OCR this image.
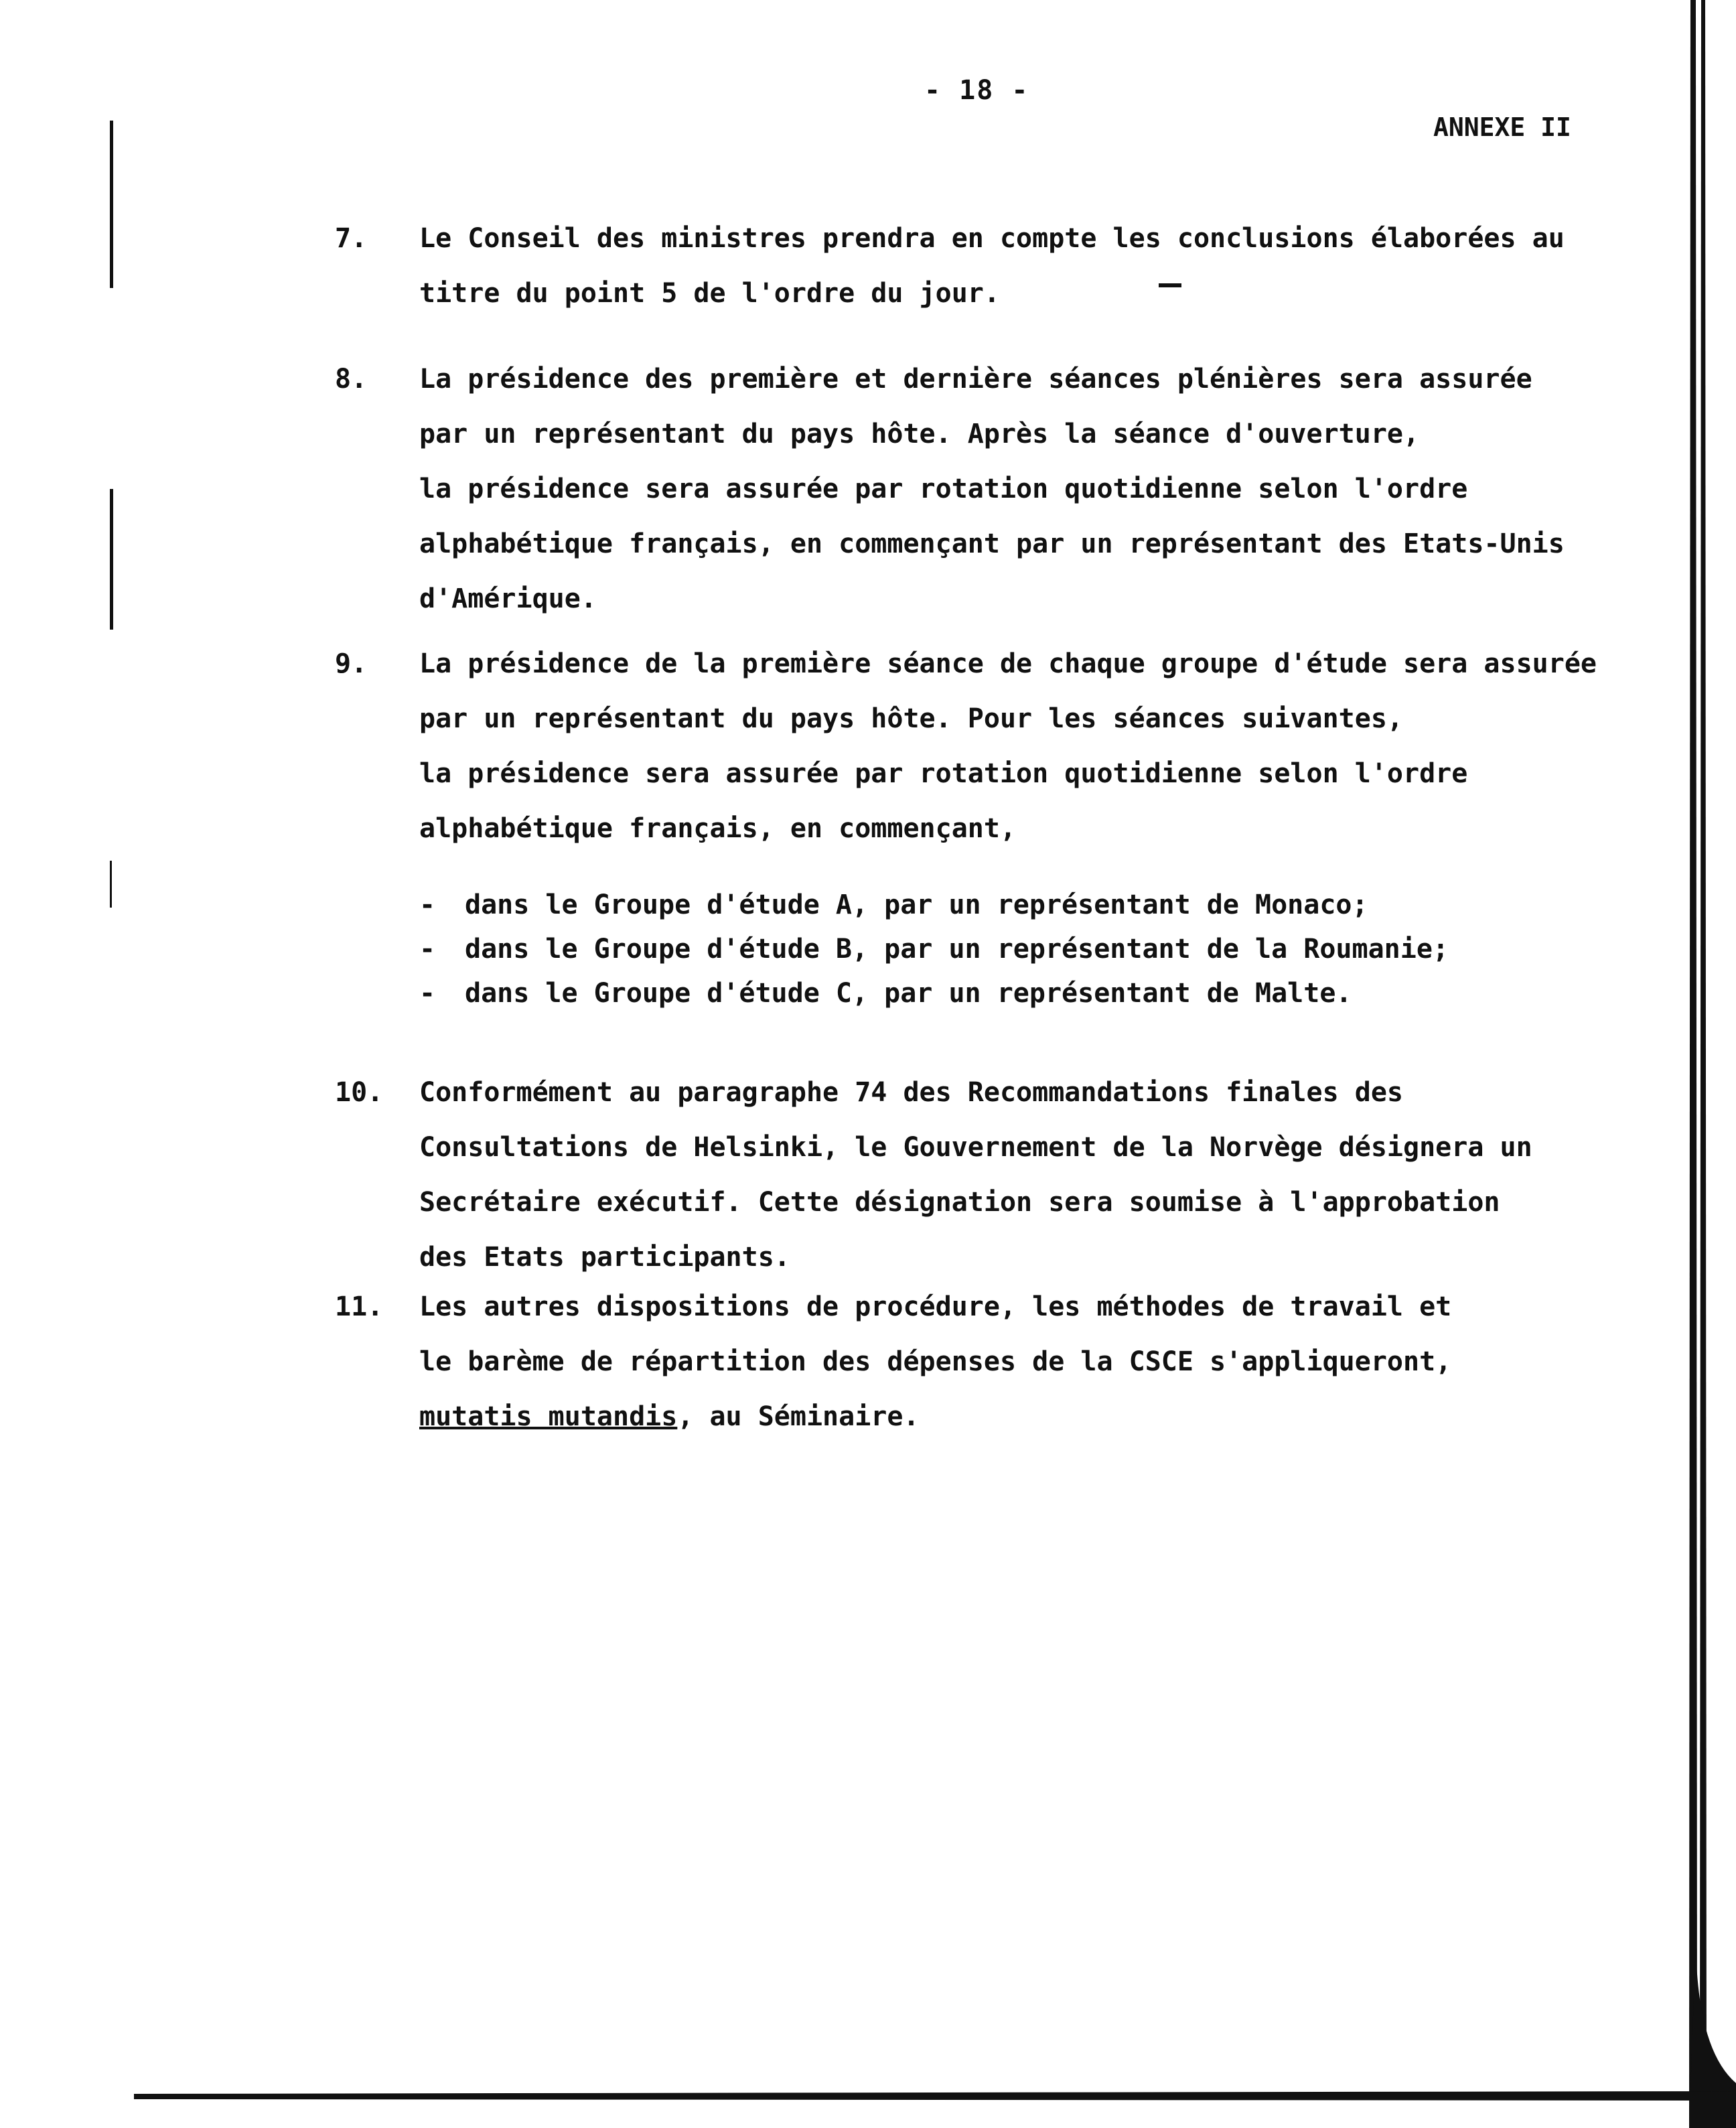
- 18 -
ANNEXE II
7. Le Conseil des ministres prendra en compte les conclusions élaborées au
titre du point 5 de l'ordre du jour.
8. La présidence des première et dernière séances plénières sera assurée
par un représentant du pays hôte. Après la séance d'ouverture,
la présidence sera assurée par rotation quotidienne selon l'ordre
alphabétique français, en commençant par un représentant des Etats-Unis
d'Amérique.
9. La présidence de la première séance de chaque groupe d'étude sera assurée
par un représentant du pays hôte. Pour les séances suivantes,
la présidence sera assurée par rotation quotidienne selon l'ordre
alphabétique français, en commençant,
- dans le Groupe d'étude A, par un représentant de Monaco;
- dans le Groupe d'étude B, par un représentant de la Roumanie;
- dans le Groupe d'étude C, par un représentant de Malte.
10. Conformément au paragraphe 74 des Recommandations finales des
Consultations de Helsinki, le Gouvernement de la Norvège désignera un
Secrétaire exécutif. Cette désignation sera soumise à l'approbation
des Etats participants.
11. Les autres dispositions de procédure, les méthodes de travail et
le barème de répartition des dépenses de la CSCE s'appliqueront,
mutatis mutandis, au Séminaire.
